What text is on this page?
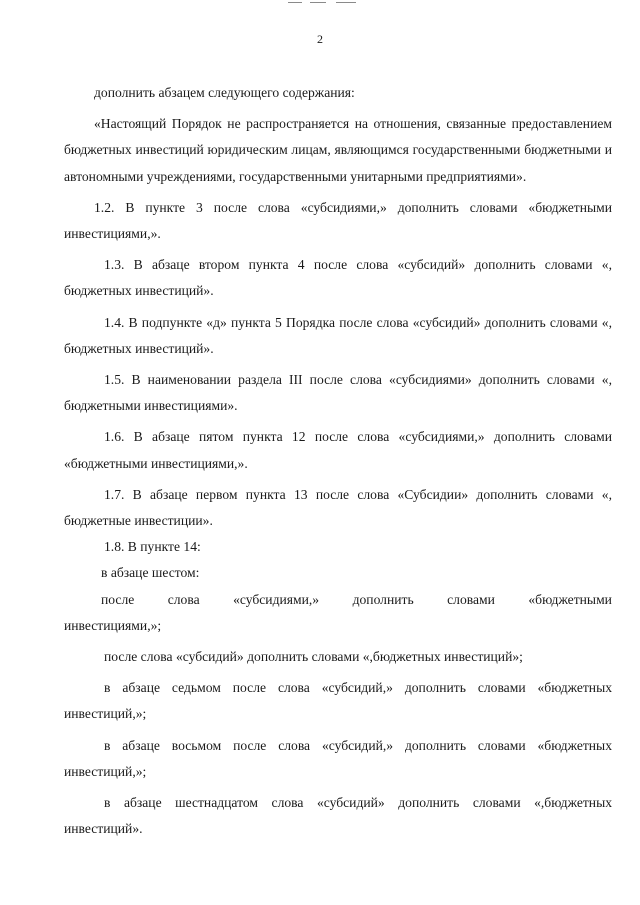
2

дополнить абзацем следующего содержания:

«Настоящий Порядок не распространяется на отношения, связанные предоставлением бюджетных инвестиций юридическим лицам, являющимся государственными бюджетными и автономными учреждениями, государственными унитарными предприятиями».

1.2. В пункте 3 после слова «субсидиями,» дополнить словами «бюджетными инвестициями,».

1.3. В абзаце втором пункта 4 после слова «субсидий» дополнить словами «, бюджетных инвестиций».

1.4. В подпункте «д» пункта 5 Порядка после слова «субсидий» дополнить словами «, бюджетных инвестиций».

1.5. В наименовании раздела III после слова «субсидиями» дополнить словами «, бюджетными инвестициями».

1.6. В абзаце пятом пункта 12 после слова «субсидиями,» дополнить словами «бюджетными инвестициями,».

1.7. В абзаце первом пункта 13 после слова «Субсидии» дополнить словами «, бюджетные инвестиции».

1.8. В пункте 14:

в абзаце шестом:

после слова «субсидиями,» дополнить словами «бюджетными

инвестициями,»;

после слова «субсидий» дополнить словами «,бюджетных инвестиций»;

в абзаце седьмом после слова «субсидий,» дополнить словами «бюджетных инвестиций,»;

в абзаце восьмом после слова «субсидий,» дополнить словами «бюджетных инвестиций,»;

в абзаце шестнадцатом слова «субсидий» дополнить словами «,бюджетных инвестиций».
